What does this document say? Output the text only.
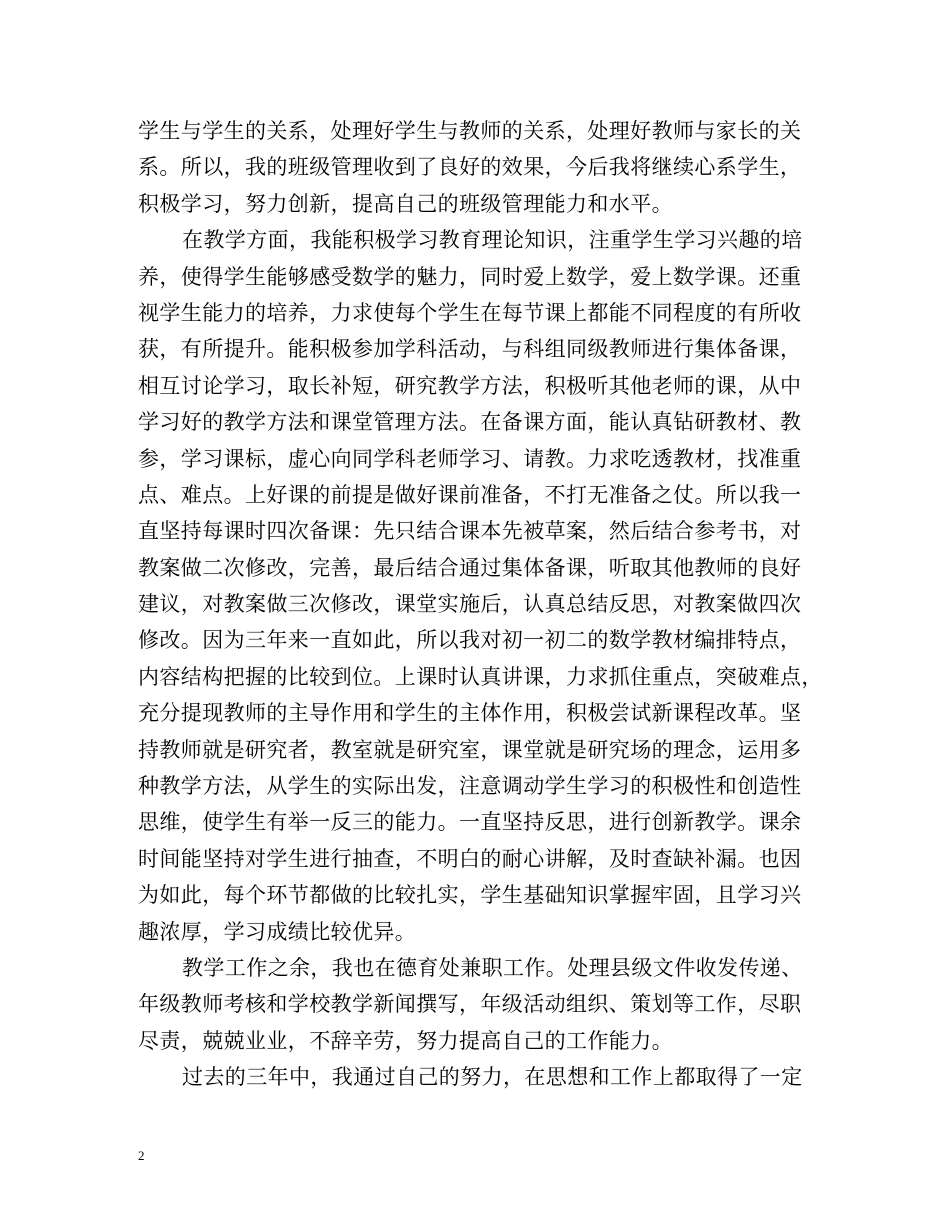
学生与学生的关系，处理好学生与教师的关系，处理好教师与家长的关
系。所以，我的班级管理收到了良好的效果，今后我将继续心系学生，
积极学习，努力创新，提高自己的班级管理能力和水平。
在教学方面，我能积极学习教育理论知识，注重学生学习兴趣的培
养，使得学生能够感受数学的魅力，同时爱上数学，爱上数学课。还重
视学生能力的培养，力求使每个学生在每节课上都能不同程度的有所收
获，有所提升。能积极参加学科活动，与科组同级教师进行集体备课，
相互讨论学习，取长补短，研究教学方法，积极听其他老师的课，从中
学习好的教学方法和课堂管理方法。在备课方面，能认真钻研教材、教
参，学习课标，虚心向同学科老师学习、请教。力求吃透教材，找准重
点、难点。上好课的前提是做好课前准备，不打无准备之仗。所以我一
直坚持每课时四次备课：先只结合课本先被草案，然后结合参考书，对
教案做二次修改，完善，最后结合通过集体备课，听取其他教师的良好
建议，对教案做三次修改，课堂实施后，认真总结反思，对教案做四次
修改。因为三年来一直如此，所以我对初一初二的数学教材编排特点，
内容结构把握的比较到位。上课时认真讲课，力求抓住重点，突破难点，
充分提现教师的主导作用和学生的主体作用，积极尝试新课程改革。坚
持教师就是研究者，教室就是研究室，课堂就是研究场的理念，运用多
种教学方法，从学生的实际出发，注意调动学生学习的积极性和创造性
思维，使学生有举一反三的能力。一直坚持反思，进行创新教学。课余
时间能坚持对学生进行抽查，不明白的耐心讲解，及时查缺补漏。也因
为如此，每个环节都做的比较扎实，学生基础知识掌握牢固，且学习兴
趣浓厚，学习成绩比较优异。
教学工作之余，我也在德育处兼职工作。处理县级文件收发传递、
年级教师考核和学校教学新闻撰写，年级活动组织、策划等工作，尽职
尽责，兢兢业业，不辞辛劳，努力提高自己的工作能力。
过去的三年中，我通过自己的努力，在思想和工作上都取得了一定
2
